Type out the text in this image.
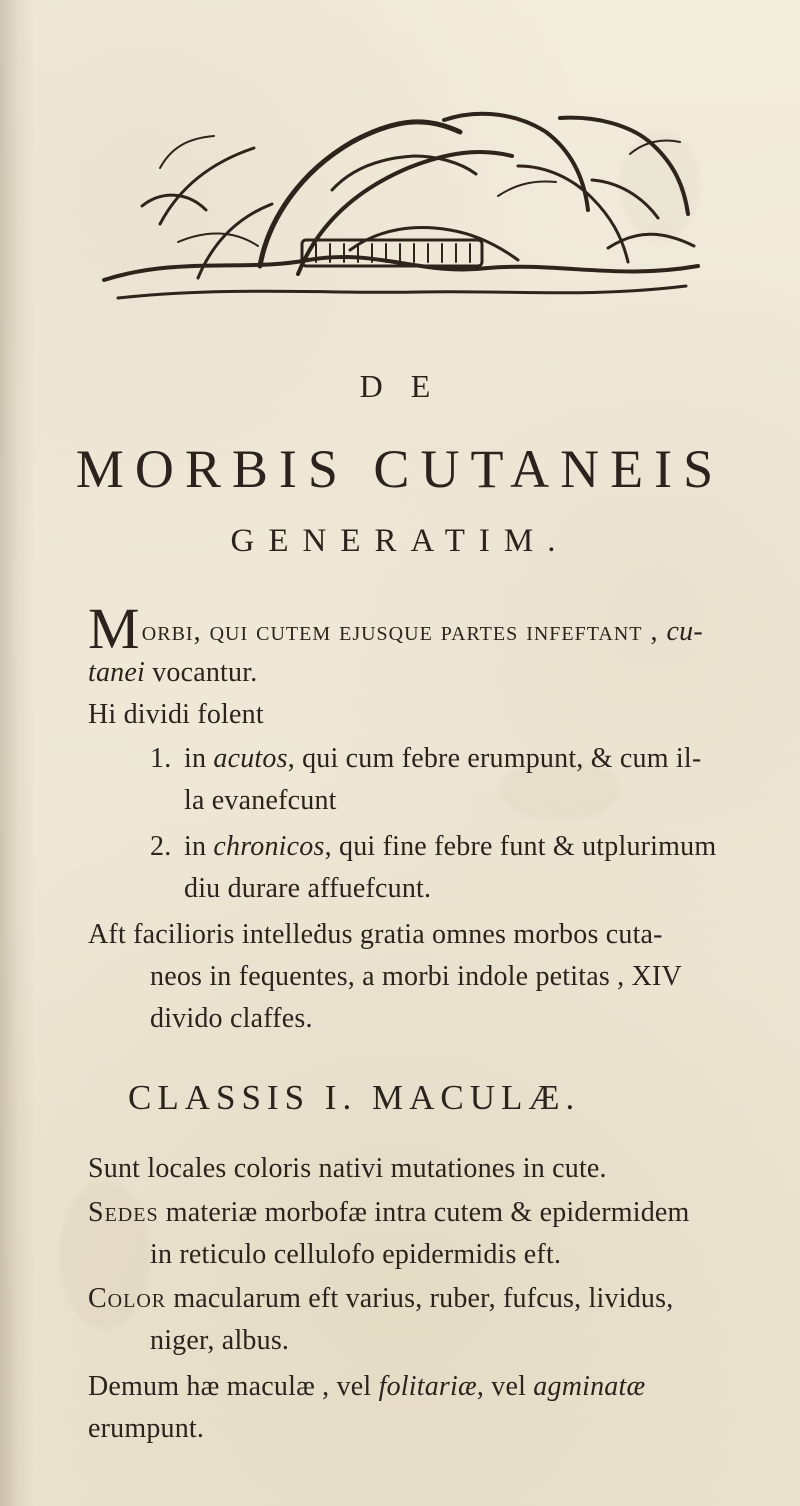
D E
MORBIS CUTANEIS
GENERATIM.
Morbi, qui cutem ejusque partes infeftant , cu-
tanei vocantur.
Hi dividi folent
1. in acutos, qui cum febre erumpunt, & cum il-
la evanefcunt
2. in chronicos, qui fine febre funt & utplurimum
diu durare affuefcunt.
Aft facilioris intelleḋus gratia omnes morbos cuta-
neos in fequentes, a morbi indole petitas , XIV
divido claffes.
CLASSIS I. MACULÆ.
Sunt locales coloris nativi mutationes in cute.
Sedes materiæ morbofæ intra cutem & epidermidem
in reticulo cellulofo epidermidis eft.
Color macularum eft varius, ruber, fufcus, lividus,
niger, albus.
Demum hæ maculæ , vel folitariæ, vel agminatæ
erumpunt.
